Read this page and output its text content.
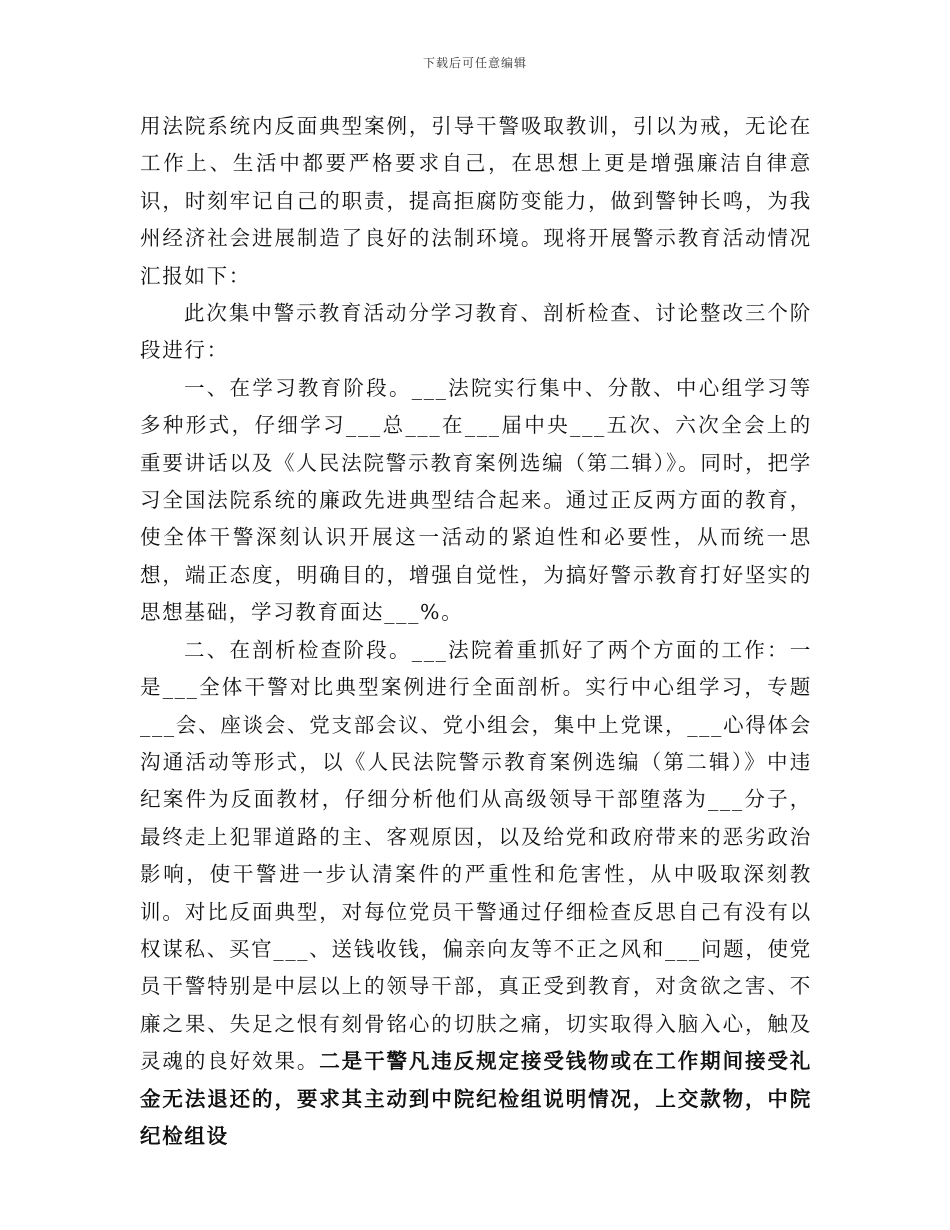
下载后可任意编辑

用法院系统内反面典型案例，引导干警吸取教训，引以为戒，无论在工作上、生活中都要严格要求自己，在思想上更是增强廉洁自律意识，时刻牢记自己的职责，提高拒腐防变能力，做到警钟长鸣，为我州经济社会进展制造了良好的法制环境。现将开展警示教育活动情况汇报如下：

此次集中警示教育活动分学习教育、剖析检查、讨论整改三个阶段进行：

一、在学习教育阶段。___法院实行集中、分散、中心组学习等多种形式，仔细学习___总___在___届中央___五次、六次全会上的重要讲话以及《人民法院警示教育案例选编（第二辑）》。同时，把学习全国法院系统的廉政先进典型结合起来。通过正反两方面的教育，使全体干警深刻认识开展这一活动的紧迫性和必要性，从而统一思想，端正态度，明确目的，增强自觉性，为搞好警示教育打好坚实的思想基础，学习教育面达___%。

二、在剖析检查阶段。___法院着重抓好了两个方面的工作：一是___全体干警对比典型案例进行全面剖析。实行中心组学习，专题___会、座谈会、党支部会议、党小组会，集中上党课，___心得体会沟通活动等形式，以《人民法院警示教育案例选编（第二辑）》中违纪案件为反面教材，仔细分析他们从高级领导干部堕落为___分子，最终走上犯罪道路的主、客观原因，以及给党和政府带来的恶劣政治影响，使干警进一步认清案件的严重性和危害性，从中吸取深刻教训。对比反面典型，对每位党员干警通过仔细检查反思自己有没有以权谋私、买官___、送钱收钱，偏亲向友等不正之风和___问题，使党员干警特别是中层以上的领导干部，真正受到教育，对贪欲之害、不廉之果、失足之恨有刻骨铭心的切肤之痛，切实取得入脑入心，触及灵魂的良好效果。二是干警凡违反规定接受钱物或在工作期间接受礼金无法退还的，要求其主动到中院纪检组说明情况，上交款物，中院纪检组设
